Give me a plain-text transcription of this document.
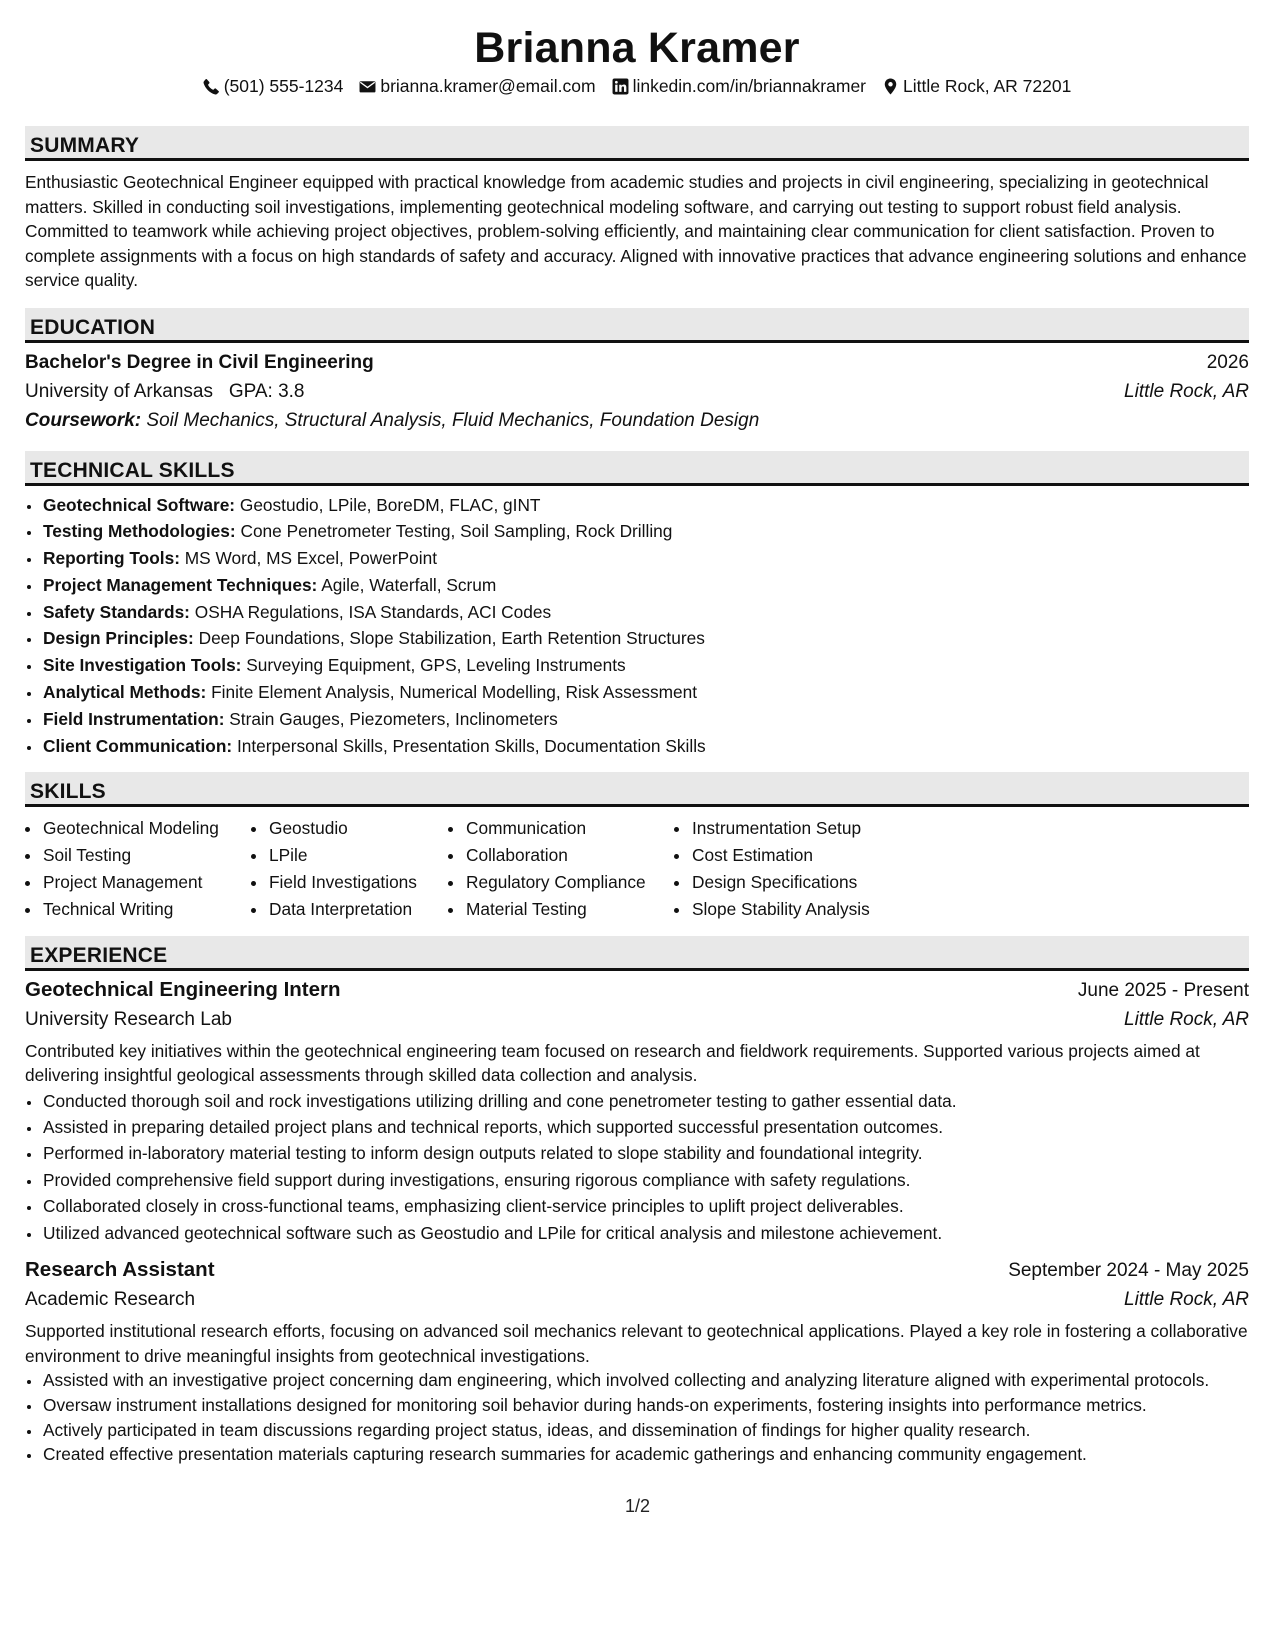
Brianna Kramer
(501) 555-1234 brianna.kramer@email.com linkedin.com/in/briannakramer Little Rock, AR 72201
SUMMARY
Enthusiastic Geotechnical Engineer equipped with practical knowledge from academic studies and projects in civil engineering, specializing in geotechnical matters. Skilled in conducting soil investigations, implementing geotechnical modeling software, and carrying out testing to support robust field analysis. Committed to teamwork while achieving project objectives, problem-solving efficiently, and maintaining clear communication for client satisfaction. Proven to complete assignments with a focus on high standards of safety and accuracy. Aligned with innovative practices that advance engineering solutions and enhance service quality.
EDUCATION
Bachelor's Degree in Civil Engineering	2026
University of Arkansas GPA: 3.8	Little Rock, AR
Coursework: Soil Mechanics, Structural Analysis, Fluid Mechanics, Foundation Design
TECHNICAL SKILLS
• Geotechnical Software: Geostudio, LPile, BoreDM, FLAC, gINT
• Testing Methodologies: Cone Penetrometer Testing, Soil Sampling, Rock Drilling
• Reporting Tools: MS Word, MS Excel, PowerPoint
• Project Management Techniques: Agile, Waterfall, Scrum
• Safety Standards: OSHA Regulations, ISA Standards, ACI Codes
• Design Principles: Deep Foundations, Slope Stabilization, Earth Retention Structures
• Site Investigation Tools: Surveying Equipment, GPS, Leveling Instruments
• Analytical Methods: Finite Element Analysis, Numerical Modelling, Risk Assessment
• Field Instrumentation: Strain Gauges, Piezometers, Inclinometers
• Client Communication: Interpersonal Skills, Presentation Skills, Documentation Skills
SKILLS
• Geotechnical Modeling
• Soil Testing
• Project Management
• Technical Writing
• Geostudio
• LPile
• Field Investigations
• Data Interpretation
• Communication
• Collaboration
• Regulatory Compliance
• Material Testing
• Instrumentation Setup
• Cost Estimation
• Design Specifications
• Slope Stability Analysis
EXPERIENCE
Geotechnical Engineering Intern	June 2025 - Present
University Research Lab	Little Rock, AR
Contributed key initiatives within the geotechnical engineering team focused on research and fieldwork requirements. Supported various projects aimed at delivering insightful geological assessments through skilled data collection and analysis.
• Conducted thorough soil and rock investigations utilizing drilling and cone penetrometer testing to gather essential data.
• Assisted in preparing detailed project plans and technical reports, which supported successful presentation outcomes.
• Performed in-laboratory material testing to inform design outputs related to slope stability and foundational integrity.
• Provided comprehensive field support during investigations, ensuring rigorous compliance with safety regulations.
• Collaborated closely in cross-functional teams, emphasizing client-service principles to uplift project deliverables.
• Utilized advanced geotechnical software such as Geostudio and LPile for critical analysis and milestone achievement.
Research Assistant	September 2024 - May 2025
Academic Research	Little Rock, AR
Supported institutional research efforts, focusing on advanced soil mechanics relevant to geotechnical applications. Played a key role in fostering a collaborative environment to drive meaningful insights from geotechnical investigations.
• Assisted with an investigative project concerning dam engineering, which involved collecting and analyzing literature aligned with experimental protocols.
• Oversaw instrument installations designed for monitoring soil behavior during hands-on experiments, fostering insights into performance metrics.
• Actively participated in team discussions regarding project status, ideas, and dissemination of findings for higher quality research.
• Created effective presentation materials capturing research summaries for academic gatherings and enhancing community engagement.
1/2
